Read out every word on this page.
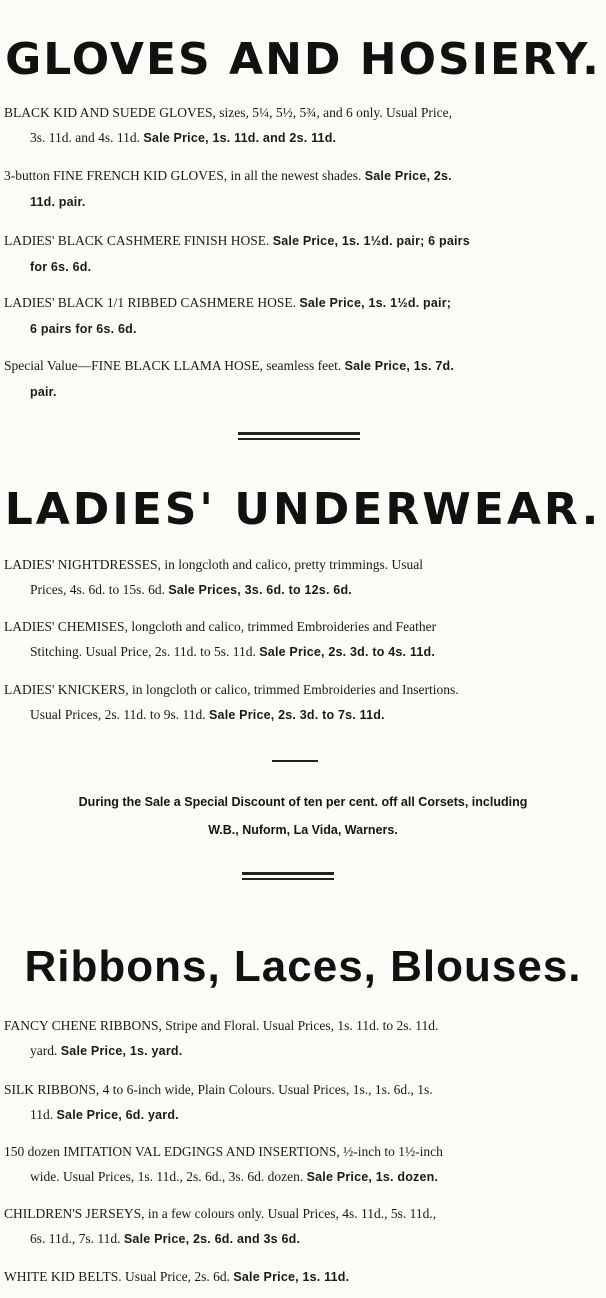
GLOVES AND HOSIERY.
BLACK KID AND SUEDE GLOVES, sizes, 5¼, 5½, 5¾, and 6 only. Usual Price,
3s. 11d. and 4s. 11d. Sale Price, 1s. 11d. and 2s. 11d.
3-button FINE FRENCH KID GLOVES, in all the newest shades. Sale Price, 2s.
11d. pair.
LADIES' BLACK CASHMERE FINISH HOSE. Sale Price, 1s. 1½d. pair; 6 pairs
for 6s. 6d.
LADIES' BLACK 1/1 RIBBED CASHMERE HOSE. Sale Price, 1s. 1½d. pair;
6 pairs for 6s. 6d.
Special Value—FINE BLACK LLAMA HOSE, seamless feet. Sale Price, 1s. 7d.
pair.
LADIES' UNDERWEAR.
LADIES' NIGHTDRESSES, in longcloth and calico, pretty trimmings. Usual
Prices, 4s. 6d. to 15s. 6d. Sale Prices, 3s. 6d. to 12s. 6d.
LADIES' CHEMISES, longcloth and calico, trimmed Embroideries and Feather
Stitching. Usual Price, 2s. 11d. to 5s. 11d. Sale Price, 2s. 3d. to 4s. 11d.
LADIES' KNICKERS, in longcloth or calico, trimmed Embroideries and Insertions.
Usual Prices, 2s. 11d. to 9s. 11d. Sale Price, 2s. 3d. to 7s. 11d.
During the Sale a Special Discount of ten per cent. off all Corsets, including
W.B., Nuform, La Vida, Warners.
Ribbons, Laces, Blouses.
FANCY CHENE RIBBONS, Stripe and Floral. Usual Prices, 1s. 11d. to 2s. 11d.
yard. Sale Price, 1s. yard.
SILK RIBBONS, 4 to 6-inch wide, Plain Colours. Usual Prices, 1s., 1s. 6d., 1s.
11d. Sale Price, 6d. yard.
150 dozen IMITATION VAL EDGINGS AND INSERTIONS, ½-inch to 1½-inch
wide. Usual Prices, 1s. 11d., 2s. 6d., 3s. 6d. dozen. Sale Price, 1s. dozen.
CHILDREN'S JERSEYS, in a few colours only. Usual Prices, 4s. 11d., 5s. 11d.,
6s. 11d., 7s. 11d. Sale Price, 2s. 6d. and 3s 6d.
WHITE KID BELTS. Usual Price, 2s. 6d. Sale Price, 1s. 11d.
